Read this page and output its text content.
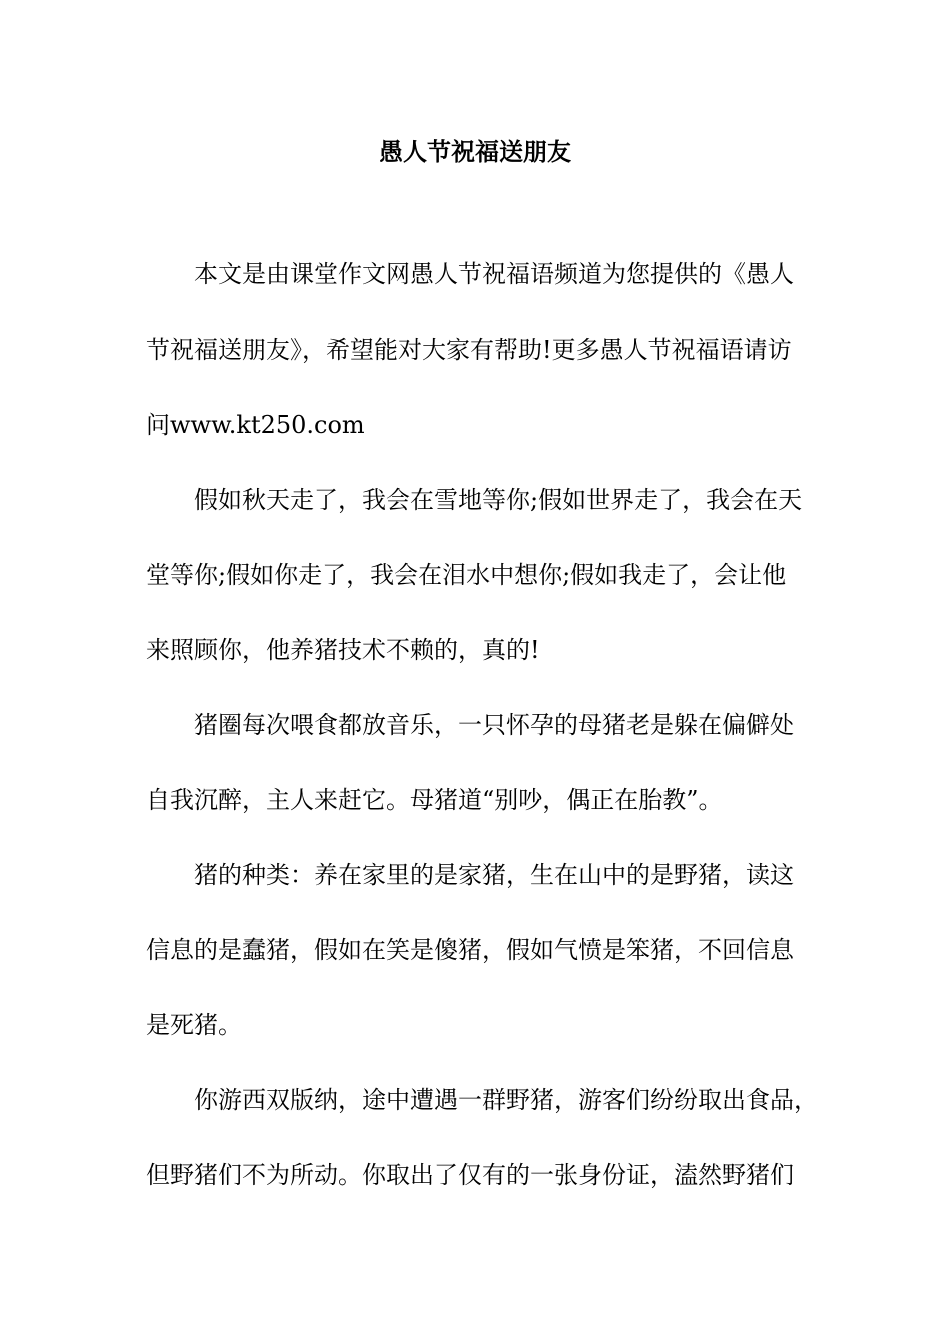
愚人节祝福送朋友

本文是由课堂作文网愚人节祝福语频道为您提供的《愚人

节祝福送朋友》，希望能对大家有帮助!更多愚人节祝福语请访

问www.kt250.com

假如秋天走了，我会在雪地等你;假如世界走了，我会在天

堂等你;假如你走了，我会在泪水中想你;假如我走了，会让他

来照顾你，他养猪技术不赖的，真的!

猪圈每次喂食都放音乐，一只怀孕的母猪老是躲在偏僻处

自我沉醉，主人来赶它。母猪道“别吵，偶正在胎教”。

猪的种类：养在家里的是家猪，生在山中的是野猪，读这

信息的是蠢猪，假如在笑是傻猪，假如气愤是笨猪，不回信息

是死猪。

你游西双版纳，途中遭遇一群野猪，游客们纷纷取出食品，

但野猪们不为所动。你取出了仅有的一张身份证，溘然野猪们
